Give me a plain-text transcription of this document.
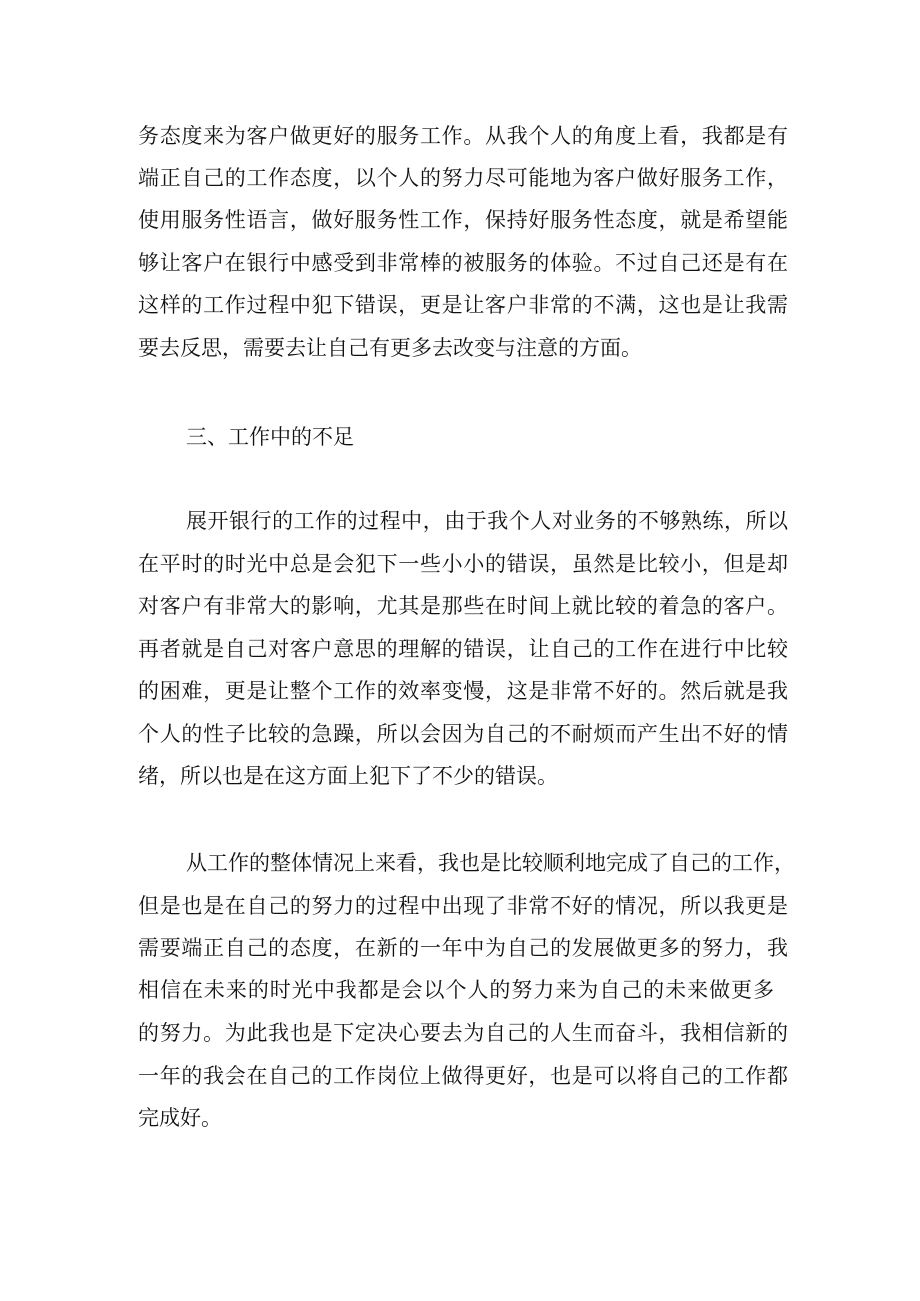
务态度来为客户做更好的服务工作。从我个人的角度上看，我都是有
端正自己的工作态度，以个人的努力尽可能地为客户做好服务工作，
使用服务性语言，做好服务性工作，保持好服务性态度，就是希望能
够让客户在银行中感受到非常棒的被服务的体验。不过自己还是有在
这样的工作过程中犯下错误，更是让客户非常的不满，这也是让我需
要去反思，需要去让自己有更多去改变与注意的方面。
三、工作中的不足
展开银行的工作的过程中，由于我个人对业务的不够熟练，所以
在平时的时光中总是会犯下一些小小的错误，虽然是比较小，但是却
对客户有非常大的影响，尤其是那些在时间上就比较的着急的客户。
再者就是自己对客户意思的理解的错误，让自己的工作在进行中比较
的困难，更是让整个工作的效率变慢，这是非常不好的。然后就是我
个人的性子比较的急躁，所以会因为自己的不耐烦而产生出不好的情
绪，所以也是在这方面上犯下了不少的错误。
从工作的整体情况上来看，我也是比较顺利地完成了自己的工作，
但是也是在自己的努力的过程中出现了非常不好的情况，所以我更是
需要端正自己的态度，在新的一年中为自己的发展做更多的努力，我
相信在未来的时光中我都是会以个人的努力来为自己的未来做更多
的努力。为此我也是下定决心要去为自己的人生而奋斗，我相信新的
一年的我会在自己的工作岗位上做得更好，也是可以将自己的工作都
完成好。
